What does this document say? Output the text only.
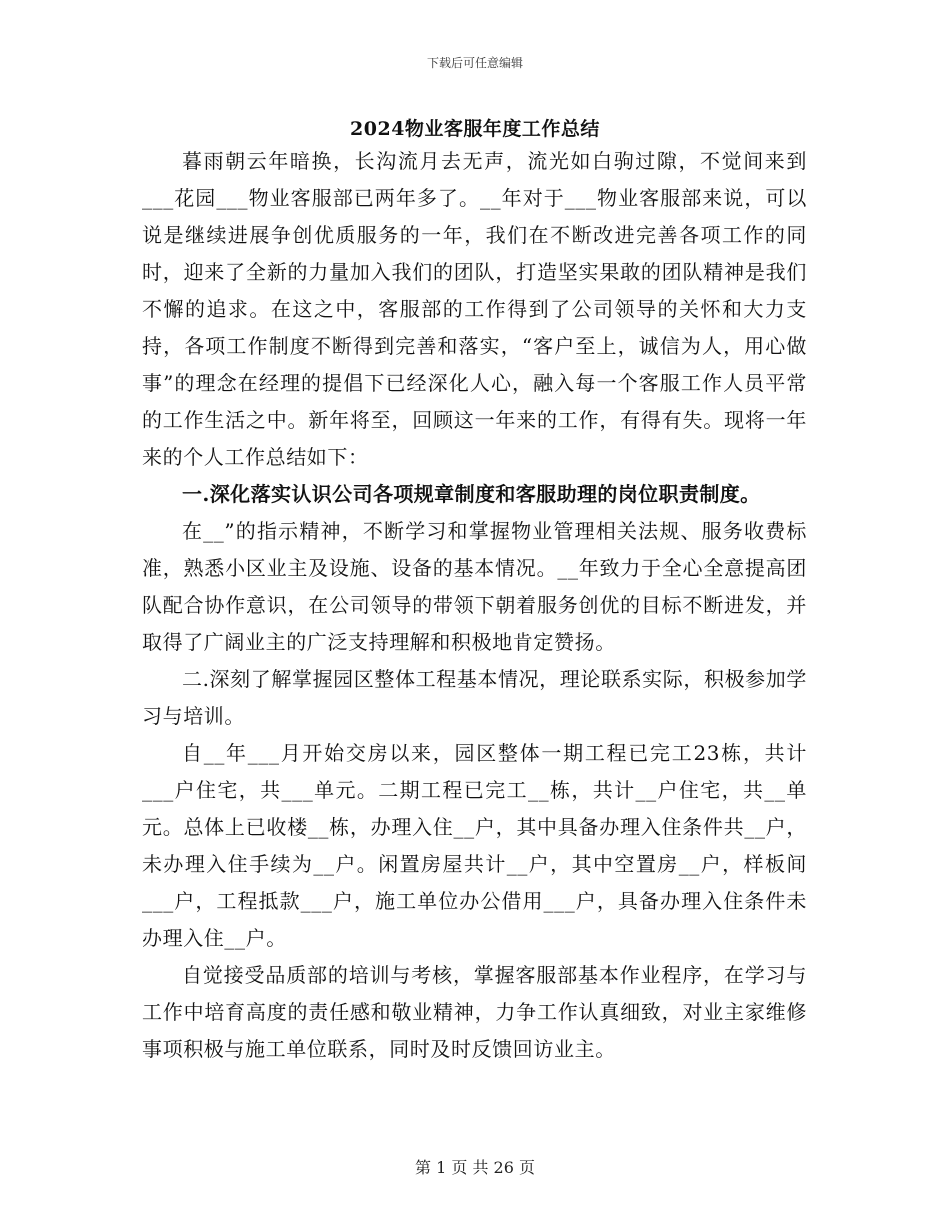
下载后可任意编辑
2024物业客服年度工作总结

暮雨朝云年暗换，长沟流月去无声，流光如白驹过隙，不觉间来到___花园___物业客服部已两年多了。__年对于___物业客服部来说，可以说是继续进展争创优质服务的一年，我们在不断改进完善各项工作的同时，迎来了全新的力量加入我们的团队，打造坚实果敢的团队精神是我们不懈的追求。在这之中，客服部的工作得到了公司领导的关怀和大力支持，各项工作制度不断得到完善和落实，“客户至上，诚信为人，用心做事”的理念在经理的提倡下已经深化人心，融入每一个客服工作人员平常的工作生活之中。新年将至，回顾这一年来的工作，有得有失。现将一年来的个人工作总结如下：

一.深化落实认识公司各项规章制度和客服助理的岗位职责制度。

在__”的指示精神，不断学习和掌握物业管理相关法规、服务收费标准，熟悉小区业主及设施、设备的基本情况。__年致力于全心全意提高团队配合协作意识，在公司领导的带领下朝着服务创优的目标不断进发，并取得了广阔业主的广泛支持理解和积极地肯定赞扬。

二.深刻了解掌握园区整体工程基本情况，理论联系实际，积极参加学习与培训。

自__年___月开始交房以来，园区整体一期工程已完工23栋，共计___户住宅，共___单元。二期工程已完工__栋，共计__户住宅，共__单元。总体上已收楼__栋，办理入住__户，其中具备办理入住条件共__户，未办理入住手续为__户。闲置房屋共计__户，其中空置房__户，样板间___户，工程抵款___户，施工单位办公借用___户，具备办理入住条件未办理入住__户。

自觉接受品质部的培训与考核，掌握客服部基本作业程序，在学习与工作中培育高度的责任感和敬业精神，力争工作认真细致，对业主家维修事项积极与施工单位联系，同时及时反馈回访业主。

第 1 页 共 26 页
